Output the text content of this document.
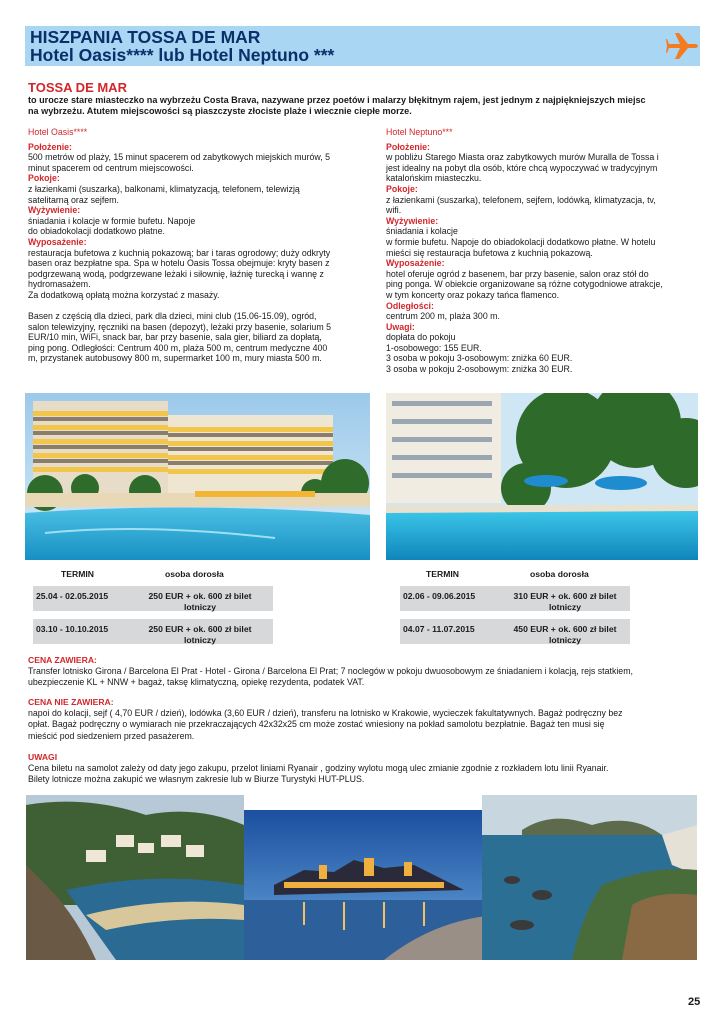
HISZPANIA TOSSA DE MAR
Hotel Oasis**** lub Hotel Neptuno ***
TOSSA DE MAR
to urocze stare miasteczko na wybrzeżu Costa Brava, nazywane przez poetów i malarzy błękitnym rajem, jest jednym z najpiękniejszych miejsc
na wybrzeżu. Atutem miejscowości są piaszczyste złociste plaże i wiecznie ciepłe morze.
Hotel Oasis****
Położenie:

500 metrów od plaży, 15 minut spacerem od zabytkowych miejskich murów, 5

minut spacerem od centrum miejscowości.

Pokoje:

z łazienkami (suszarka), balkonami, klimatyzacją, telefonem, telewizją

satelitarną oraz sejfem.

Wyżywienie:

śniadania i kolacje w formie bufetu. Napoje

do obiadokolacji dodatkowo płatne.

Wyposażenie:

restauracja bufetowa z kuchnią pokazową; bar i taras ogrodowy; duży odkryty

basen oraz bezpłatne spa. Spa w hotelu Oasis Tossa obejmuje: kryty basen z

podgrzewaną wodą, podgrzewane leżaki i siłownię, łaźnię turecką i wannę z

hydromasażem.

Za dodatkową opłatą można korzystać z masaży.

Basen z częścią dla dzieci, park dla dzieci, mini club (15.06-15.09), ogród,

salon telewizyjny, ręczniki na basen (depozyt), leżaki przy basenie, solarium 5

EUR/10 min, WiFi, snack bar, bar przy basenie, sala gier, biliard za dopłatą,

ping pong. Odległości: Centrum 400 m, plaża 500 m, centrum medyczne 400

m, przystanek autobusowy 800 m, supermarket 100 m, mury miasta 500 m.

Hotel Neptuno***
Położenie:

w pobliżu Starego Miasta oraz zabytkowych murów Muralla de Tossa i

jest idealny na pobyt dla osób, które chcą wypoczywać w tradycyjnym

katalońskim miasteczku.

Pokoje:

z łazienkami (suszarka), telefonem, sejfem, lodówką, klimatyzacja, tv,

wifi.

Wyżywienie:

śniadania i kolacje

w formie bufetu. Napoje do obiadokolacji dodatkowo płatne. W hotelu

mieści się restauracja bufetowa z kuchnią pokazową.

Wyposażenie:

hotel oferuje ogród z basenem, bar przy basenie, salon oraz stół do

ping ponga. W obiekcie organizowane są różne cotygodniowe atrakcje,

w tym koncerty oraz pokazy tańca flamenco.

Odległości:

centrum 200 m, plaża 300 m.

Uwagi:

dopłata do pokoju

1-osobowego: 155 EUR.

3 osoba w pokoju 3-osobowym: zniżka 60 EUR.

3 osoba w pokoju 2-osobowym: zniżka 30 EUR.

TERMIN	osoba dorosła
25.04 - 02.05.2015	250 EUR + ok. 600 zł bilet
lotniczy
03.10 - 10.10.2015	250 EUR + ok. 600 zł bilet
lotniczy
TERMIN	osoba dorosła
02.06 - 09.06.2015	310 EUR + ok. 600 zł bilet
lotniczy
04.07 - 11.07.2015	450 EUR + ok. 600 zł bilet
lotniczy
CENA ZAWIERA:
Transfer lotnisko Girona / Barcelona El Prat - Hotel - Girona / Barcelona El Prat; 7 noclegów w pokoju dwuosobowym ze śniadaniem i kolacją, rejs statkiem,
ubezpieczenie KL + NNW + bagaż, taksę klimatyczną, opiekę rezydenta, podatek VAT.
CENA NIE ZAWIERA:
napoi do kolacji, sejf ( 4,70 EUR / dzień), lodówka (3,60 EUR / dzień), transferu na lotnisko w Krakowie, wycieczek fakultatywnych. Bagaż podręczny bez
opłat. Bagaż podręczny o wymiarach nie przekraczających 42x32x25 cm może zostać wniesiony na pokład samolotu bezpłatnie. Bagaż ten musi się
mieścić pod siedzeniem przed pasażerem.
UWAGI
Cena biletu na samolot zależy od daty jego zakupu, przelot liniami Ryanair , godziny wylotu mogą ulec zmianie zgodnie z rozkładem lotu linii Ryanair.
Bilety lotnicze można zakupić we własnym zakresie lub w Biurze Turystyki HUT-PLUS.
25
